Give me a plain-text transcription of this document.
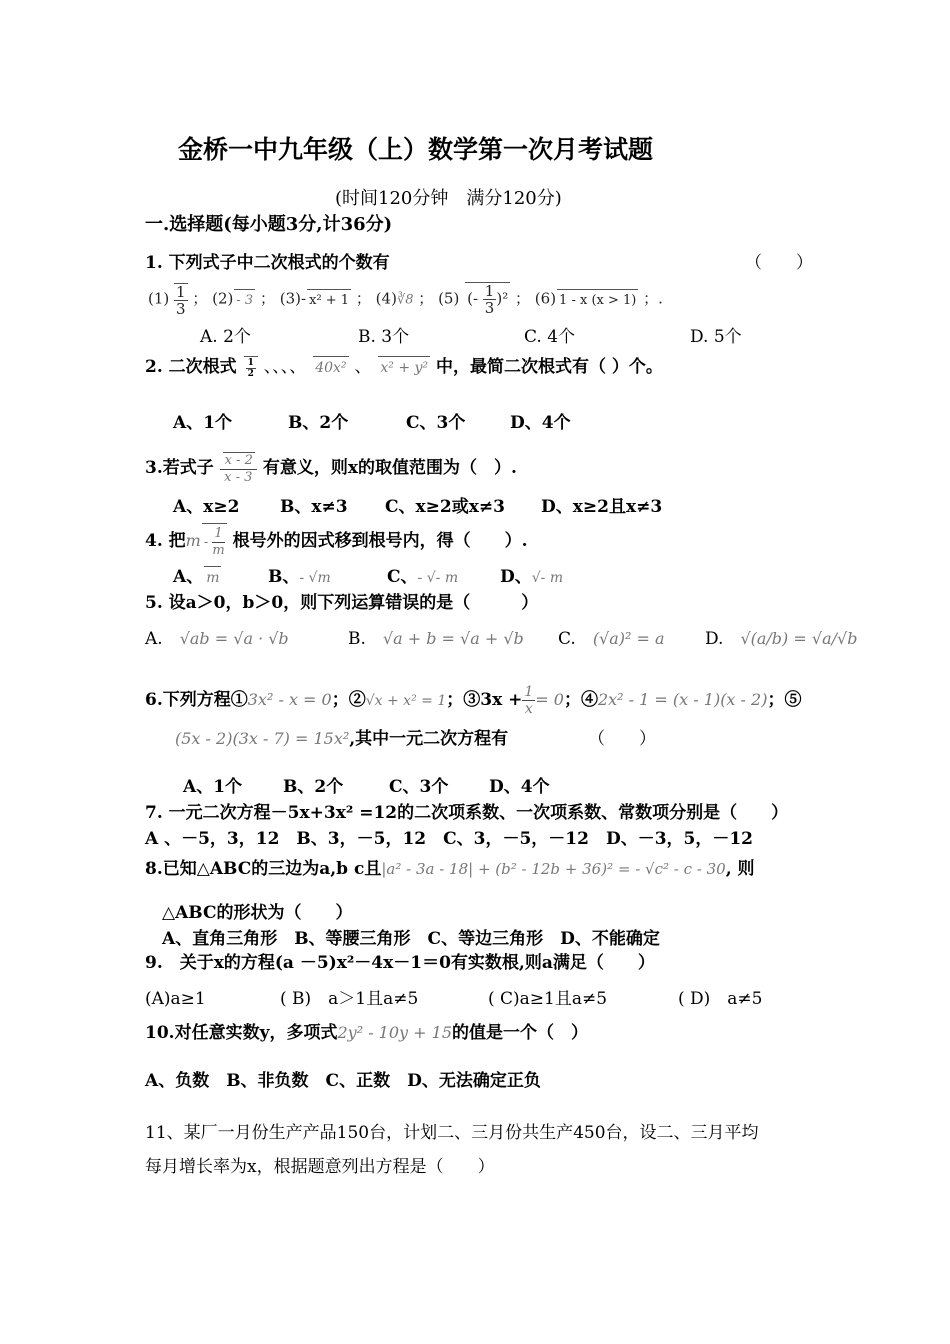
金桥一中九年级（上）数学第一次月考试题
(时间120分钟　满分120分)
一.选择题(每小题3分,计36分)
1. 下列式子中二次根式的个数有	（　　）
$(1) \frac{1}{3}$ ； (2) - 3 ； (3)- x² + 1 ； (4)∛8 ； (5) (- $\frac{1}{3} )^2$ ； (6) 1 - x (x > 1) ；.
A. 2个	B. 3个	C. 4个	D. 5个
2. 二次根式 $\frac{1}{2}$ 、、、、 40x² 、 x² + y² 中，最简二次根式有（ ）个。
A、1个	B、2个	C、3个	D、4个
3.若式子 $\frac{x - 2}{x - 3}$ 有意义，则x的取值范围为（　）.
A、x≥2 B、x≠3 C、x≥2或x≠3 D、x≥2且x≠3
4. 把m - $\frac{1}{m}$ 根号外的因式移到根号内，得（　　）.
A、 m	B、- √m	C、- √- m D、√- m
5. 设a＞0，b＞0，则下列运算错误的是（　　　）
A.　 √ab = √a · √b	B.　 √a + b = √a + √b C.　 (√a)² = a D.　 √(a/b) = √a/√b
6.下列方程①3x² - x = 0；②√x + x² = 1；③3x + $\frac{1}{x} = 0$；④2x² - 1 = (x - 1)(x - 2)；⑤
(5x - 2)(3x - 7) = 15x²,其中一元二次方程有	（　　）
A、1个 B、2个	C、3个 D、4个
7. 一元二次方程－5x+3x² =12的二次项系数、一次项系数、常数项分别是（　　）
A 、－5，3，12　B、3，－5，12　C、3，－5，－12　D、－3，5，－12
8.已知△ABC的三边为a,b c且|a² - 3a - 18| + (b² - 12b + 36)² = - √c² - c - 30, 则
△ABC的形状为（　　）
A、直角三角形　B、等腰三角形　C、等边三角形　D、不能确定
9.　关于x的方程(a －5)x²－4x－1＝0有实数根,则a满足（　　）
(A)a≥1	( B)　a＞1且a≠5	( C)a≥1且a≠5	( D)　a≠5
10.对任意实数y，多项式2y² - 10y + 15的值是一个（　）
A、负数　B、非负数　C、正数　D、无法确定正负
11、某厂一月份生产产品150台，计划二、三月份共生产450台，设二、三月平均
每月增长率为x，根据题意列出方程是（　　）
